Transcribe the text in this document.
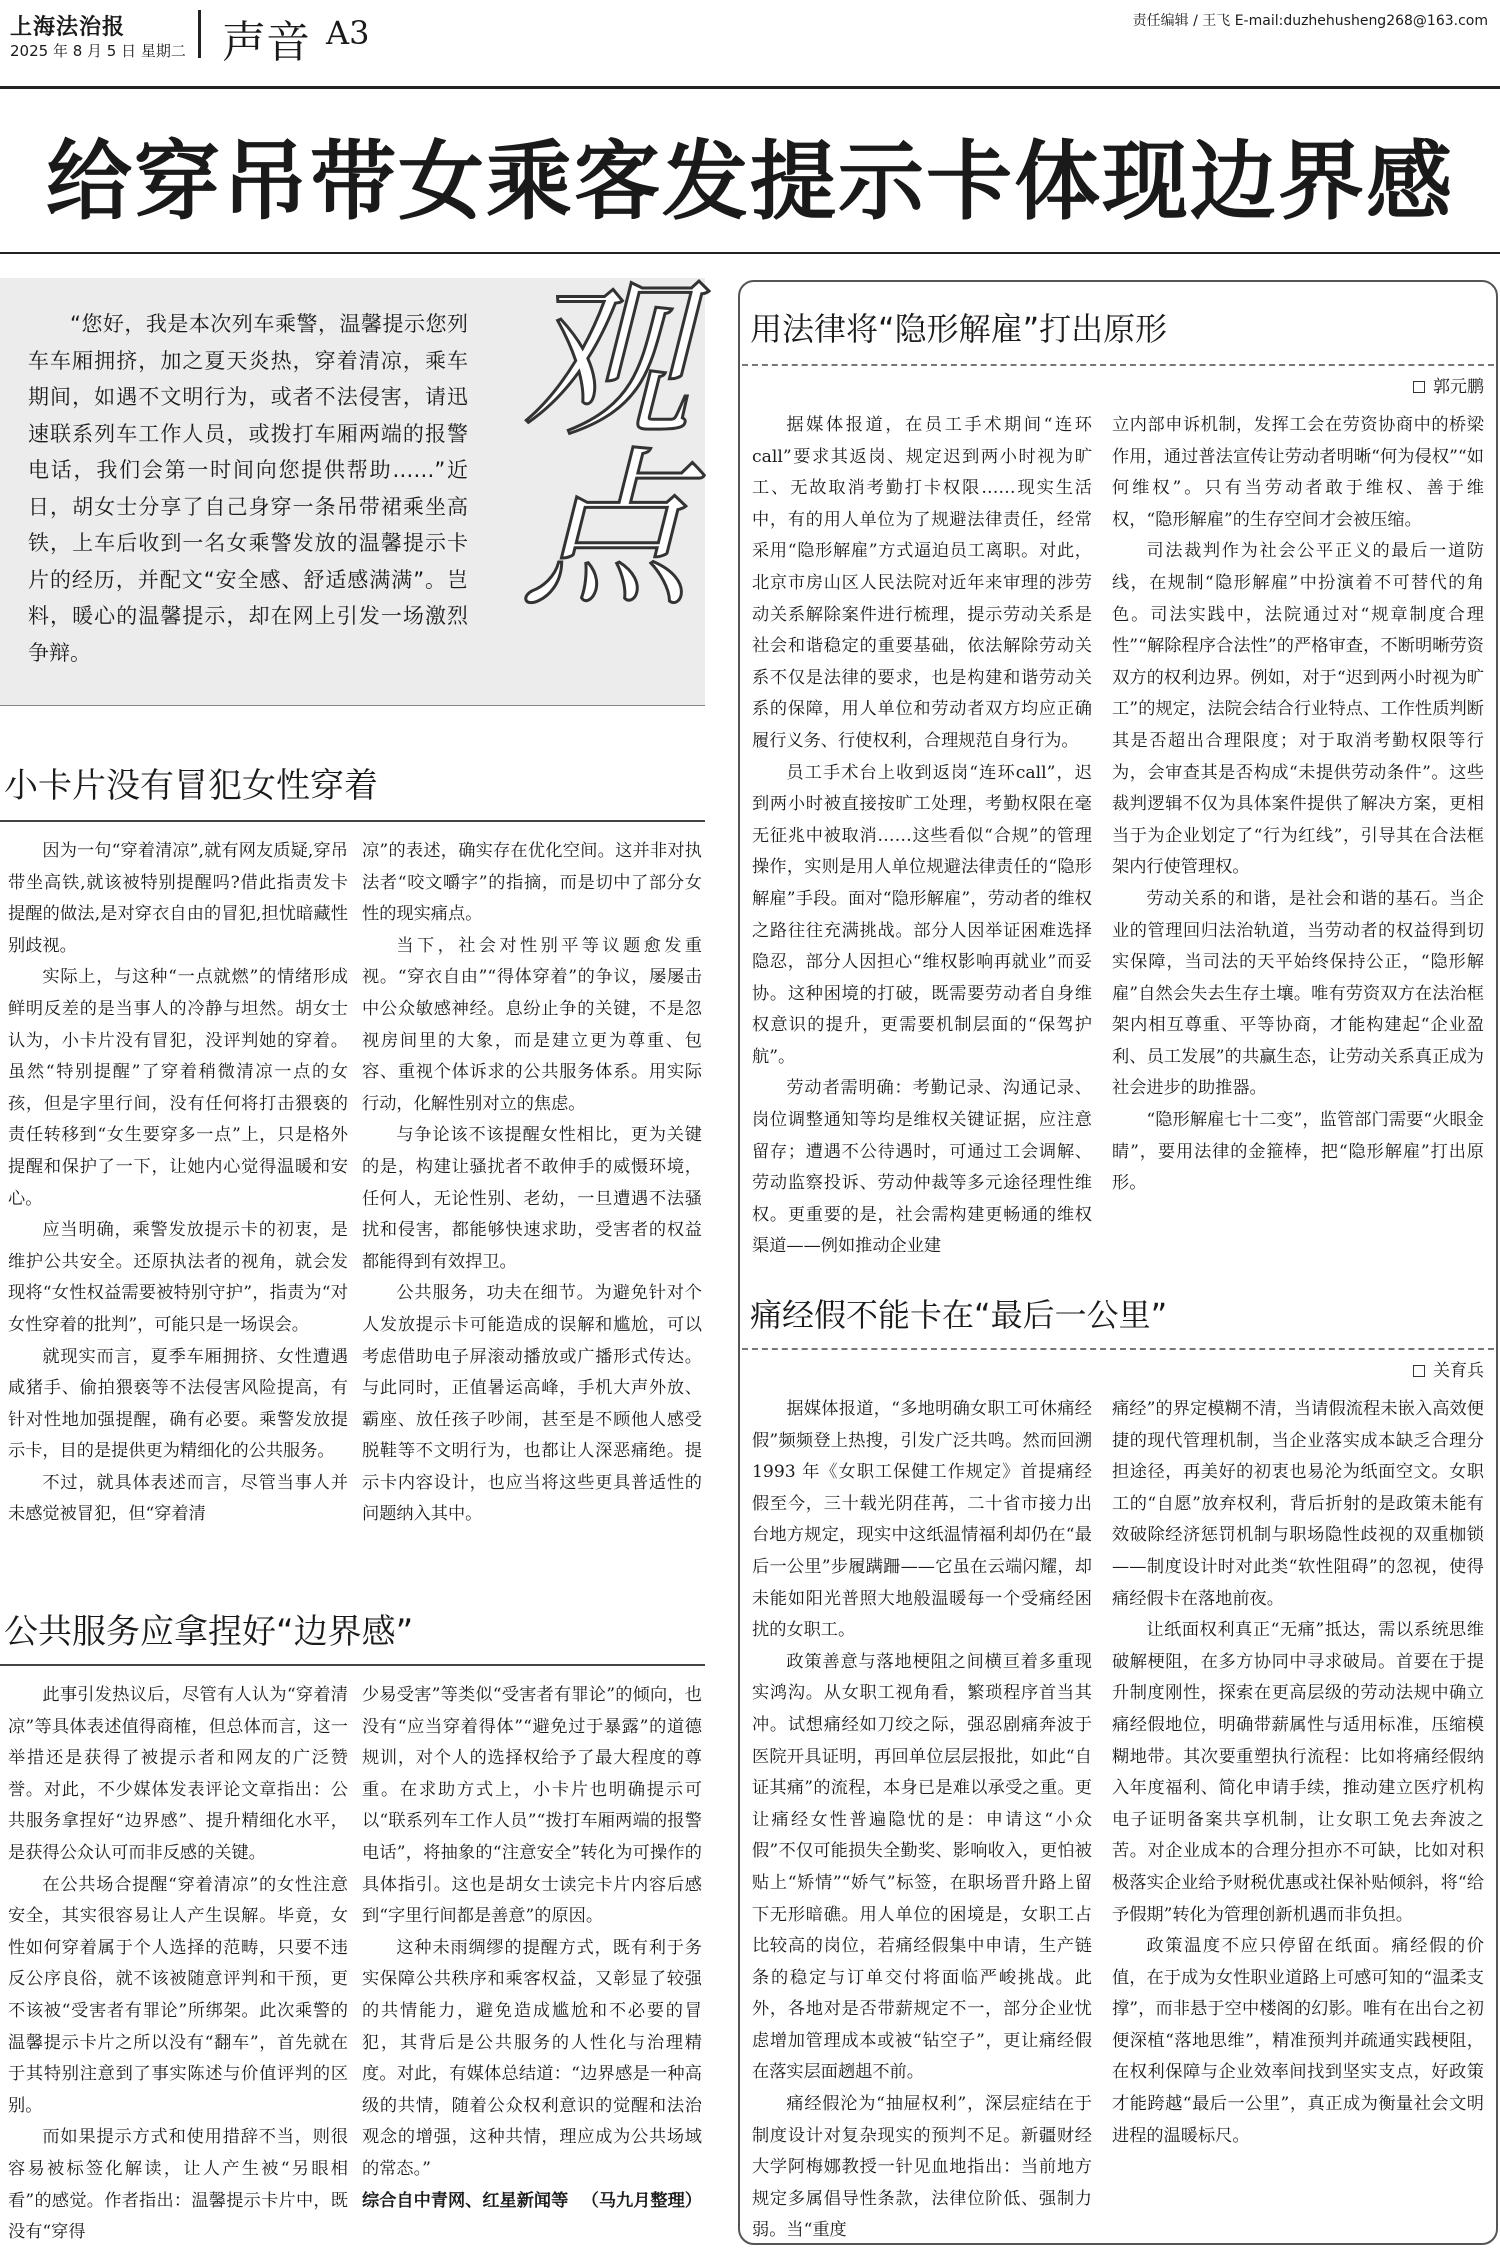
上海法治报
2025 年 8 月 5 日 星期二 声音 A3	责任编辑 / 王飞 E-mail:duzhehusheng268@163.com
给穿吊带女乘客发提示卡体现边界感
“您好，我是本次列车乘警，温馨提示您列车车厢拥挤，加之夏天炎热，穿着清凉，乘车期间，如遇不文明行为，或者不法侵害，请迅速联系列车工作人员，或拨打车厢两端的报警电话，我们会第一时间向您提供帮助……”近日，胡女士分享了自己身穿一条吊带裙乘坐高铁，上车后收到一名女乘警发放的温馨提示卡片的经历，并配文“安全感、舒适感满满”。岂料，暖心的温馨提示，却在网上引发一场激烈争辩。
观点
小卡片没有冒犯女性穿着

因为一句“穿着清凉”,就有网友质疑,穿吊带坐高铁,就该被特别提醒吗?借此指责发卡提醒的做法,是对穿衣自由的冒犯,担忧暗藏性别歧视。

实际上，与这种“一点就燃”的情绪形成鲜明反差的是当事人的冷静与坦然。胡女士认为，小卡片没有冒犯，没评判她的穿着。虽然“特别提醒”了穿着稍微清凉一点的女孩，但是字里行间，没有任何将打击猥亵的责任转移到“女生要穿多一点”上，只是格外提醒和保护了一下，让她内心觉得温暖和安心。

应当明确，乘警发放提示卡的初衷，是维护公共安全。还原执法者的视角，就会发现将“女性权益需要被特别守护”，指责为“对女性穿着的批判”，可能只是一场误会。

就现实而言，夏季车厢拥挤、女性遭遇咸猪手、偷拍猥亵等不法侵害风险提高，有针对性地加强提醒，确有必要。乘警发放提示卡，目的是提供更为精细化的公共服务。

不过，就具体表述而言，尽管当事人并未感觉被冒犯，但“穿着清

凉”的表述，确实存在优化空间。这并非对执法者“咬文嚼字”的指摘，而是切中了部分女性的现实痛点。

当下，社会对性别平等议题愈发重视。“穿衣自由”“得体穿着”的争议，屡屡击中公众敏感神经。息纷止争的关键，不是忽视房间里的大象，而是建立更为尊重、包容、重视个体诉求的公共服务体系。用实际行动，化解性别对立的焦虑。

与争论该不该提醒女性相比，更为关键的是，构建让骚扰者不敢伸手的威慑环境，任何人，无论性别、老幼，一旦遭遇不法骚扰和侵害，都能够快速求助，受害者的权益都能得到有效捍卫。

公共服务，功夫在细节。为避免针对个人发放提示卡可能造成的误解和尴尬，可以考虑借助电子屏滚动播放或广播形式传达。与此同时，正值暑运高峰，手机大声外放、霸座、放任孩子吵闹，甚至是不顾他人感受脱鞋等不文明行为，也都让人深恶痛绝。提示卡内容设计，也应当将这些更具普适性的问题纳入其中。

公共服务应拿捏好“边界感”

此事引发热议后，尽管有人认为“穿着清凉”等具体表述值得商榷，但总体而言，这一举措还是获得了被提示者和网友的广泛赞誉。对此，不少媒体发表评论文章指出：公共服务拿捏好“边界感”、提升精细化水平，是获得公众认可而非反感的关键。

在公共场合提醒“穿着清凉”的女性注意安全，其实很容易让人产生误解。毕竟，女性如何穿着属于个人选择的范畴，只要不违反公序良俗，就不该被随意评判和干预，更不该被“受害者有罪论”所绑架。此次乘警的温馨提示卡片之所以没有“翻车”，首先就在于其特别注意到了事实陈述与价值评判的区别。

而如果提示方式和使用措辞不当，则很容易被标签化解读，让人产生被“另眼相看”的感觉。作者指出：温馨提示卡片中，既没有“穿得

少易受害”等类似“受害者有罪论”的倾向，也没有“应当穿着得体”“避免过于暴露”的道德规训，对个人的选择权给予了最大程度的尊重。在求助方式上，小卡片也明确提示可以“联系列车工作人员”“拨打车厢两端的报警电话”，将抽象的“注意安全”转化为可操作的具体指引。这也是胡女士读完卡片内容后感到“字里行间都是善意”的原因。

这种未雨绸缪的提醒方式，既有利于务实保障公共秩序和乘客权益，又彰显了较强的共情能力，避免造成尴尬和不必要的冒犯，其背后是公共服务的人性化与治理精度。对此，有媒体总结道：“边界感是一种高级的共情，随着公众权利意识的觉醒和法治观念的增强，这种共情，理应成为公共场域的常态。”

综合自中青网、红星新闻等 （马九月整理）

用法律将“隐形解雇”打出原形
郭元鹏

据媒体报道，在员工手术期间“连环call”要求其返岗、规定迟到两小时视为旷工、无故取消考勤打卡权限……现实生活中，有的用人单位为了规避法律责任，经常采用“隐形解雇”方式逼迫员工离职。对此，北京市房山区人民法院对近年来审理的涉劳动关系解除案件进行梳理，提示劳动关系是社会和谐稳定的重要基础，依法解除劳动关系不仅是法律的要求，也是构建和谐劳动关系的保障，用人单位和劳动者双方均应正确履行义务、行使权利，合理规范自身行为。

员工手术台上收到返岗“连环call”，迟到两小时被直接按旷工处理，考勤权限在毫无征兆中被取消……这些看似“合规”的管理操作，实则是用人单位规避法律责任的“隐形解雇”手段。面对“隐形解雇”，劳动者的维权之路往往充满挑战。部分人因举证困难选择隐忍，部分人因担心“维权影响再就业”而妥协。这种困境的打破，既需要劳动者自身维权意识的提升，更需要机制层面的“保驾护航”。

劳动者需明确：考勤记录、沟通记录、岗位调整通知等均是维权关键证据，应注意留存；遭遇不公待遇时，可通过工会调解、劳动监察投诉、劳动仲裁等多元途径理性维权。更重要的是，社会需构建更畅通的维权渠道——例如推动企业建

立内部申诉机制，发挥工会在劳资协商中的桥梁作用，通过普法宣传让劳动者明晰“何为侵权”“如何维权”。只有当劳动者敢于维权、善于维权，“隐形解雇”的生存空间才会被压缩。

司法裁判作为社会公平正义的最后一道防线，在规制“隐形解雇”中扮演着不可替代的角色。司法实践中，法院通过对“规章制度合理性”“解除程序合法性”的严格审查，不断明晰劳资双方的权利边界。例如，对于“迟到两小时视为旷工”的规定，法院会结合行业特点、工作性质判断其是否超出合理限度；对于取消考勤权限等行为，会审查其是否构成“未提供劳动条件”。这些裁判逻辑不仅为具体案件提供了解决方案，更相当于为企业划定了“行为红线”，引导其在合法框架内行使管理权。

劳动关系的和谐，是社会和谐的基石。当企业的管理回归法治轨道，当劳动者的权益得到切实保障，当司法的天平始终保持公正，“隐形解雇”自然会失去生存土壤。唯有劳资双方在法治框架内相互尊重、平等协商，才能构建起“企业盈利、员工发展”的共赢生态，让劳动关系真正成为社会进步的助推器。

“隐形解雇七十二变”，监管部门需要“火眼金睛”，要用法律的金箍棒，把“隐形解雇”打出原形。

痛经假不能卡在“最后一公里”
关育兵

据媒体报道，“多地明确女职工可休痛经假”频频登上热搜，引发广泛共鸣。然而回溯 1993 年《女职工保健工作规定》首提痛经假至今，三十载光阴荏苒，二十省市接力出台地方规定，现实中这纸温情福利却仍在“最后一公里”步履蹒跚——它虽在云端闪耀，却未能如阳光普照大地般温暖每一个受痛经困扰的女职工。

政策善意与落地梗阻之间横亘着多重现实鸿沟。从女职工视角看，繁琐程序首当其冲。试想痛经如刀绞之际，强忍剧痛奔波于医院开具证明，再回单位层层报批，如此“自证其痛”的流程，本身已是难以承受之重。更让痛经女性普遍隐忧的是：申请这“小众假”不仅可能损失全勤奖、影响收入，更怕被贴上“矫情”“娇气”标签，在职场晋升路上留下无形暗礁。用人单位的困境是，女职工占比较高的岗位，若痛经假集中申请，生产链条的稳定与订单交付将面临严峻挑战。此外，各地对是否带薪规定不一，部分企业忧虑增加管理成本或被“钻空子”，更让痛经假在落实层面趔趄不前。

痛经假沦为“抽屉权利”，深层症结在于制度设计对复杂现实的预判不足。新疆财经大学阿梅娜教授一针见血地指出：当前地方规定多属倡导性条款，法律位阶低、强制力弱。当“重度

痛经”的界定模糊不清，当请假流程未嵌入高效便捷的现代管理机制，当企业落实成本缺乏合理分担途径，再美好的初衷也易沦为纸面空文。女职工的“自愿”放弃权利，背后折射的是政策未能有效破除经济惩罚机制与职场隐性歧视的双重枷锁——制度设计时对此类“软性阻碍”的忽视，使得痛经假卡在落地前夜。

让纸面权利真正“无痛”抵达，需以系统思维破解梗阻，在多方协同中寻求破局。首要在于提升制度刚性，探索在更高层级的劳动法规中确立痛经假地位，明确带薪属性与适用标准，压缩模糊地带。其次要重塑执行流程：比如将痛经假纳入年度福利、简化申请手续，推动建立医疗机构电子证明备案共享机制，让女职工免去奔波之苦。对企业成本的合理分担亦不可缺，比如对积极落实企业给予财税优惠或社保补贴倾斜，将“给予假期”转化为管理创新机遇而非负担。

政策温度不应只停留在纸面。痛经假的价值，在于成为女性职业道路上可感可知的“温柔支撑”，而非悬于空中楼阁的幻影。唯有在出台之初便深植“落地思维”，精准预判并疏通实践梗阻，在权利保障与企业效率间找到坚实支点，好政策才能跨越“最后一公里”，真正成为衡量社会文明进程的温暖标尺。
